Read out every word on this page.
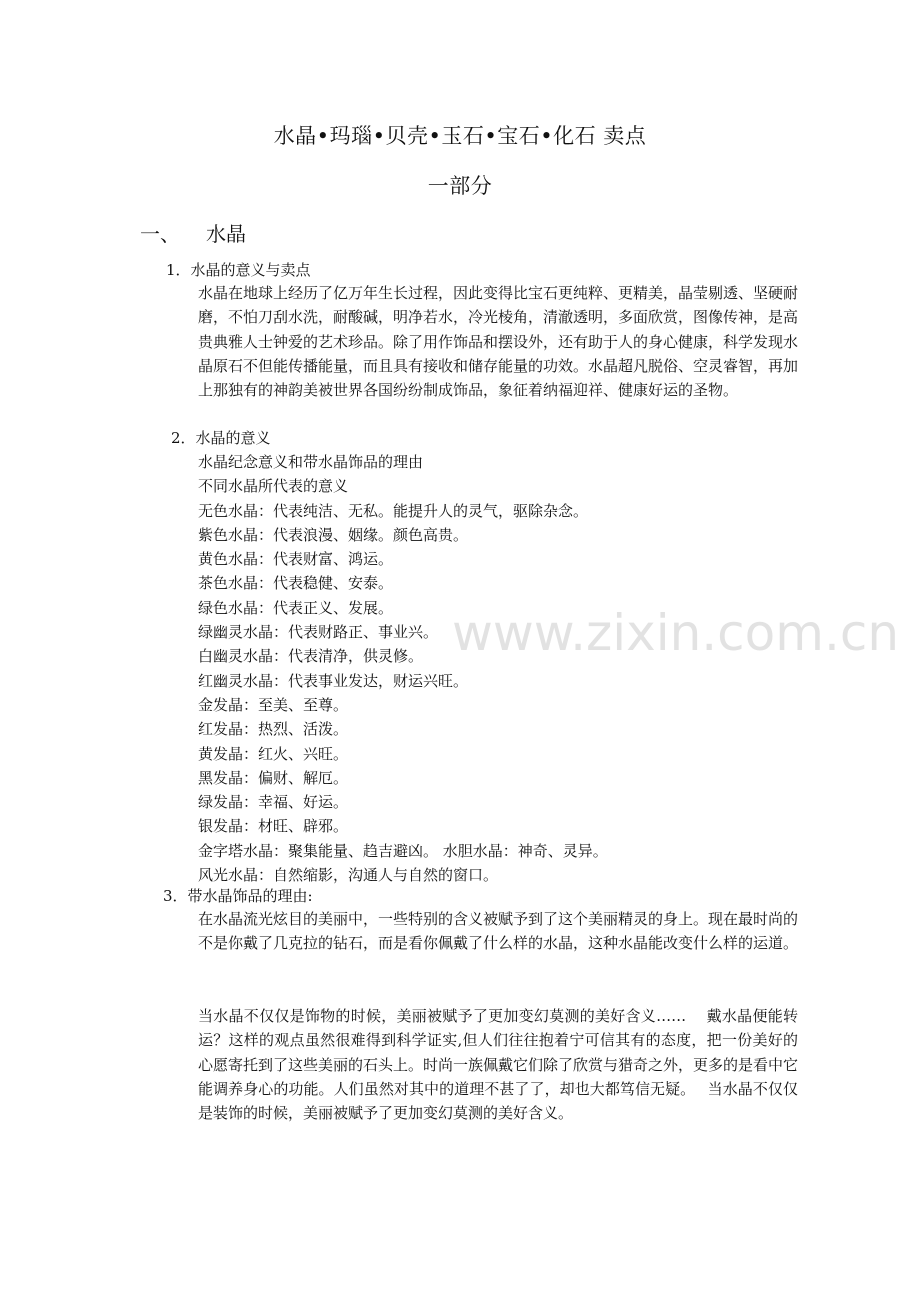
水晶•玛瑙•贝壳•玉石•宝石•化石 卖点
一部分
一、 水晶
1．水晶的意义与卖点
水晶在地球上经历了亿万年生长过程，因此变得比宝石更纯粹、更精美，晶莹剔透、坚硬耐磨，不怕刀刮水洗，耐酸碱，明净若水，冷光棱角，清澈透明，多面欣赏，图像传神，是高贵典雅人士钟爱的艺术珍品。除了用作饰品和摆设外，还有助于人的身心健康，科学发现水晶原石不但能传播能量，而且具有接收和储存能量的功效。水晶超凡脱俗、空灵睿智，再加上那独有的神韵美被世界各国纷纷制成饰品，象征着纳福迎祥、健康好运的圣物。
2．水晶的意义
水晶纪念意义和带水晶饰品的理由
不同水晶所代表的意义
无色水晶：代表纯洁、无私。能提升人的灵气，驱除杂念。
紫色水晶：代表浪漫、姻缘。颜色高贵。
黄色水晶：代表财富、鸿运。
茶色水晶：代表稳健、安泰。
绿色水晶：代表正义、发展。
绿幽灵水晶：代表财路正、事业兴。
白幽灵水晶：代表清净，供灵修。
红幽灵水晶：代表事业发达，财运兴旺。
金发晶：至美、至尊。
红发晶：热烈、活泼。
黄发晶：红火、兴旺。
黑发晶：偏财、解厄。
绿发晶：幸福、好运。
银发晶：材旺、辟邪。
金字塔水晶：聚集能量、趋吉避凶。 水胆水晶：神奇、灵异。
风光水晶：自然缩影，沟通人与自然的窗口。
3．带水晶饰品的理由:
在水晶流光炫目的美丽中，一些特别的含义被赋予到了这个美丽精灵的身上。现在最时尚的不是你戴了几克拉的钻石，而是看你佩戴了什么样的水晶，这种水晶能改变什么样的运道。
当水晶不仅仅是饰物的时候，美丽被赋予了更加变幻莫测的美好含义……　 戴水晶便能转运？这样的观点虽然很难得到科学证实,但人们往往抱着宁可信其有的态度，把一份美好的心愿寄托到了这些美丽的石头上。时尚一族佩戴它们除了欣赏与猎奇之外，更多的是看中它能调养身心的功能。人们虽然对其中的道理不甚了了，却也大都笃信无疑。　 当水晶不仅仅是装饰的时候，美丽被赋予了更加变幻莫测的美好含义。
www.zixin.com.cn
